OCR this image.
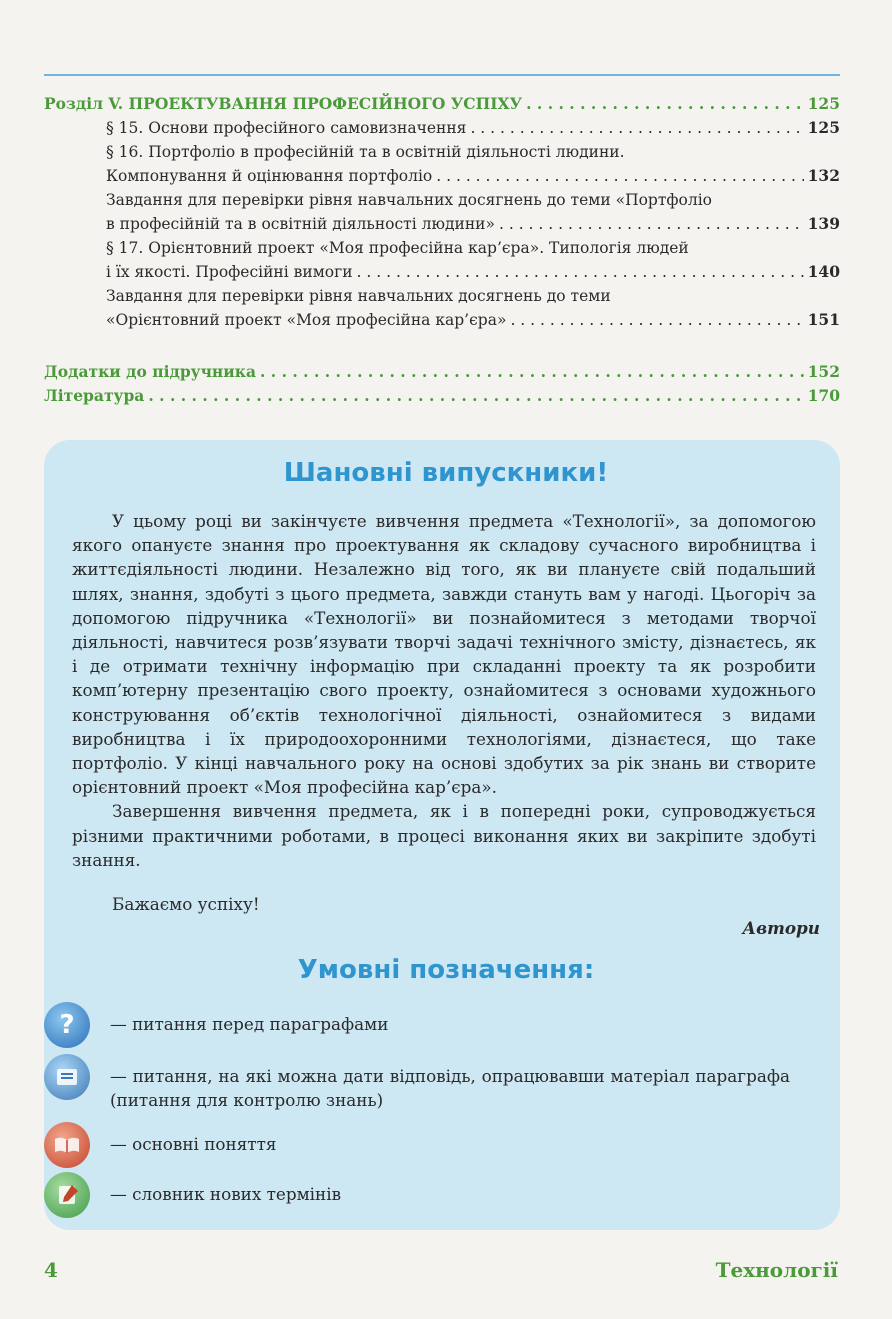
Розділ V. ПРОЕКТУВАННЯ ПРОФЕСІЙНОГО УСПІХУ . . .	125
§ 15. Основи професійного самовизначення . . .	125
§ 16. Портфоліо в професійній та в освітній діяльності людини.
Компонування й оцінювання портфоліо . . .	132
Завдання для перевірки рівня навчальних досягнень до теми «Портфоліо
в професійній та в освітній діяльності людини» . . .	139
§ 17. Орієнтовний проект «Моя професійна кар’єра». Типологія людей
і їх якості. Професійні вимоги . . .	140
Завдання для перевірки рівня навчальних досягнень до теми
«Орієнтовний проект «Моя професійна кар’єра» . . .	151
Додатки до підручника . . .	152
Література . . .	170
Шановні випускники!

У цьому році ви закінчуєте вивчення предмета «Технології», за допомогою якого опануєте знання про проектування як складову сучасного виробництва і життєдіяльності людини. Незалежно від того, як ви плануєте свій подальший шлях, знання, здобуті з цього предмета, завжди стануть вам у нагоді. Цьогоріч за допомогою підручника «Технології» ви познайомитеся з методами творчої діяльності, навчитеся розв’язувати творчі задачі технічного змісту, дізнаєтесь, як і де отримати технічну інформацію при складанні проекту та як розробити комп’ютерну презентацію свого проекту, ознайомитеся з основами художнього конструювання об’єктів технологічної діяльності, ознайомитеся з видами виробництва і їх природоохоронними технологіями, дізнаєтеся, що таке портфоліо. У кінці навчального року на основі здобутих за рік знань ви створите орієнтовний проект «Моя професійна кар’єра».

Завершення вивчення предмета, як і в попередні роки, супроводжується різними практичними роботами, в процесі виконання яких ви закріпите здобуті знання.

Бажаємо успіху!
Автори
Умовні позначення:
?	— питання перед параграфами
— питання, на які можна дати відповідь, опрацювавши матеріал параграфа (питання для контролю знань)
— основні поняття
— словник нових термінів
4	Технології
